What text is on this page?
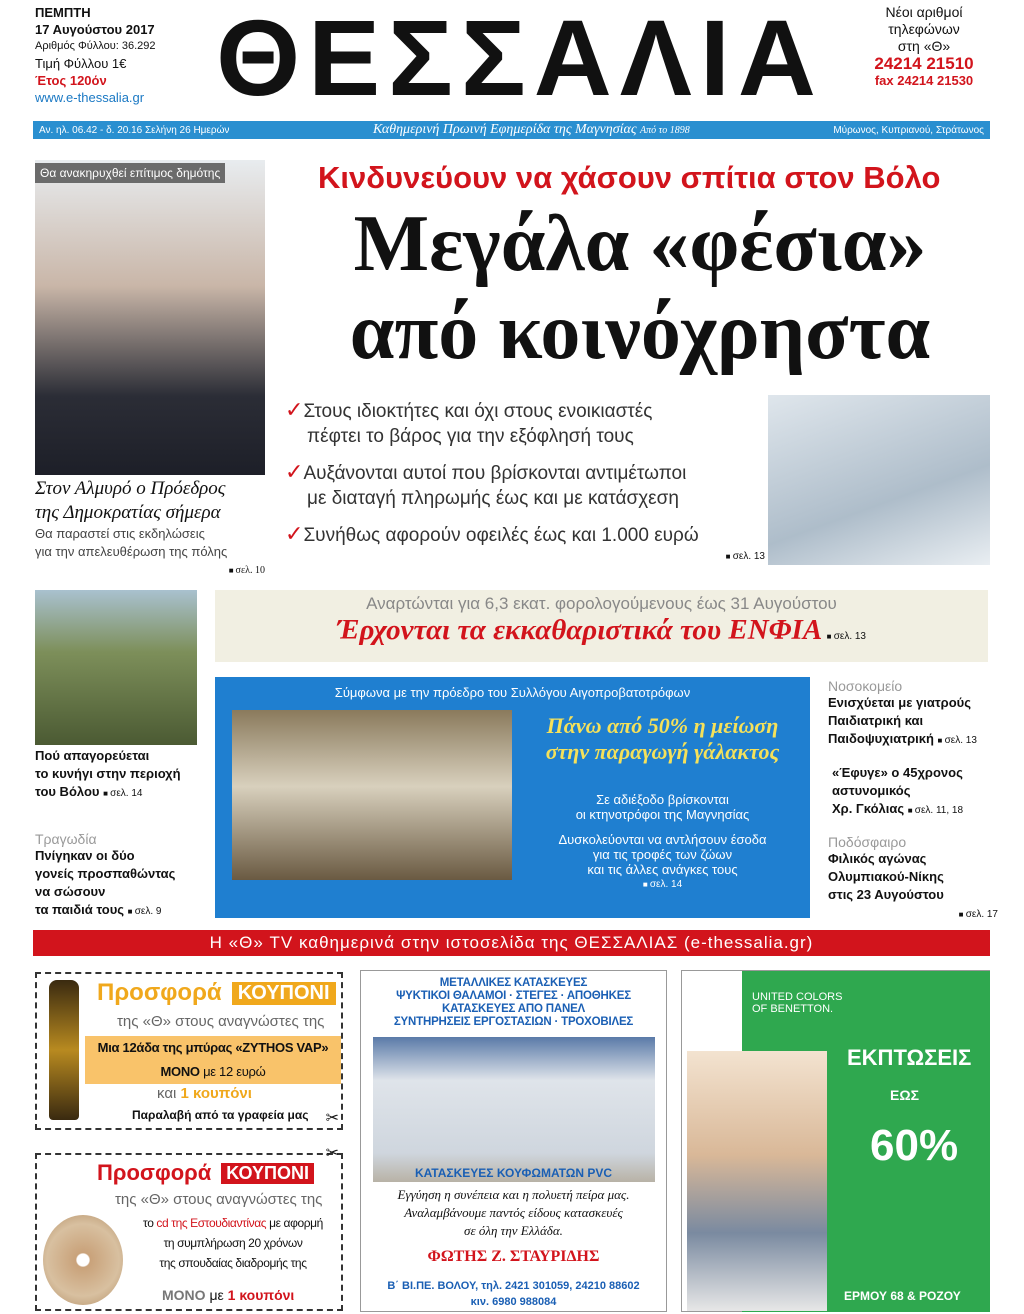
ΠΕΜΠΤΗ
17 Αυγούστου 2017
Αριθμός Φύλλου: 36.292
Τιμή Φύλλου 1€
Έτος 120όν
www.e-thessalia.gr ΘΕΣΣΑΛΙΑ	Νέοι αριθμοί
τηλεφώνων
στη «Θ»
24214 21510
fax 24214 21530
Αν. ηλ. 06.42 - δ. 20.16 Σελήνη 26 Ημερών	Καθημερινή Πρωινή Εφημερίδα της Μαγνησίας Από το 1898	Μύρωνος, Κυπριανού, Στράτωνος
Θα ανακηρυχθεί επίτιμος δημότης
Στον Αλμυρό ο Πρόεδρος
της Δημοκρατίας σήμερα
Θα παραστεί στις εκδηλώσεις
για την απελευθέρωση της πόλης
■ σελ. 10
Κινδυνεύουν να χάσουν σπίτια στον Βόλο
Μεγάλα «φέσια»
από κοινόχρηστα
✓Στους ιδιοκτήτες και όχι στους ενοικιαστές
πέφτει το βάρος για την εξόφλησή τους
✓Αυξάνονται αυτοί που βρίσκονται αντιμέτωποι
με διαταγή πληρωμής έως και με κατάσχεση
✓Συνήθως αφορούν οφειλές έως και 1.000 ευρώ
■ σελ. 13
Πού απαγορεύεται
το κυνήγι στην περιοχή
του Βόλου ■ σελ. 14
Τραγωδία
Πνίγηκαν οι δύο
γονείς προσπαθώντας
να σώσουν
τα παιδιά τους ■ σελ. 9
Αναρτώνται για 6,3 εκατ. φορολογούμενους έως 31 Αυγούστου
Έρχονται τα εκκαθαριστικά του ΕΝΦΙΑ ■ σελ. 13
Σύμφωνα με την πρόεδρο του Συλλόγου Αιγοπροβατοτρόφων
Πάνω από 50% η μείωση
στην παραγωγή γάλακτος
Σε αδιέξοδο βρίσκονται
οι κτηνοτρόφοι της Μαγνησίας
Δυσκολεύονται να αντλήσουν έσοδα
για τις τροφές των ζώων
και τις άλλες ανάγκες τους
■ σελ. 14
Νοσοκομείο
Ενισχύεται με γιατρούς
Παιδιατρική και
Παιδοψυχιατρική ■ σελ. 13
«Έφυγε» ο 45χρονος
αστυνομικός
Χρ. Γκόλιας ■ σελ. 11, 18
Ποδόσφαιρο
Φιλικός αγώνας
Ολυμπιακού-Νίκης
στις 23 Αυγούστου
■ σελ. 17
Η «Θ» TV καθημερινά στην ιστοσελίδα της ΘΕΣΣΑΛΙΑΣ (e-thessalia.gr)
Προσφορά ΚΟΥΠΟΝΙ
της «Θ» στους αναγνώστες της
Μια 12άδα της μπύρας «ZYTHOS VAP»
ΜΟΝΟ με 12 ευρώ
και 1 κουπόνι
Παραλαβή από τα γραφεία μας ✂
Προσφορά ΚΟΥΠΟΝΙ
της «Θ» στους αναγνώστες της
το cd της Εστουδιαντίνας με αφορμή
τη συμπλήρωση 20 χρόνων
της σπουδαίας διαδρομής της
ΜΟΝΟ με 1 κουπόνι
✂
ΜΕΤΑΛΛΙΚΕΣ ΚΑΤΑΣΚΕΥΕΣ
ΨΥΚΤΙΚΟΙ ΘΑΛΑΜΟΙ · ΣΤΕΓΕΣ · ΑΠΟΘΗΚΕΣ
ΚΑΤΑΣΚΕΥΕΣ ΑΠΟ ΠΑΝΕΛ
ΣΥΝΤΗΡΗΣΕΙΣ ΕΡΓΟΣΤΑΣΙΩΝ · ΤΡΟΧΟΒΙΛΕΣ
ΚΑΤΑΣΚΕΥΕΣ ΚΟΥΦΩΜΑΤΩΝ PVC
Εγγύηση η συνέπεια και η πολυετή πείρα μας.
Αναλαμβάνουμε παντός είδους κατασκευές
σε όλη την Ελλάδα.
ΦΩΤΗΣ Ζ. ΣΤΑΥΡΙΔΗΣ
Β΄ ΒΙ.ΠΕ. ΒΟΛΟΥ, τηλ. 2421 301059, 24210 88602
κιν. 6980 988084
UNITED COLORS
OF BENETTON.
ΕΚΠΤΩΣΕΙΣ
ΕΩΣ
60%
ΕΡΜΟΥ 68 & ΡΟΖΟΥ
